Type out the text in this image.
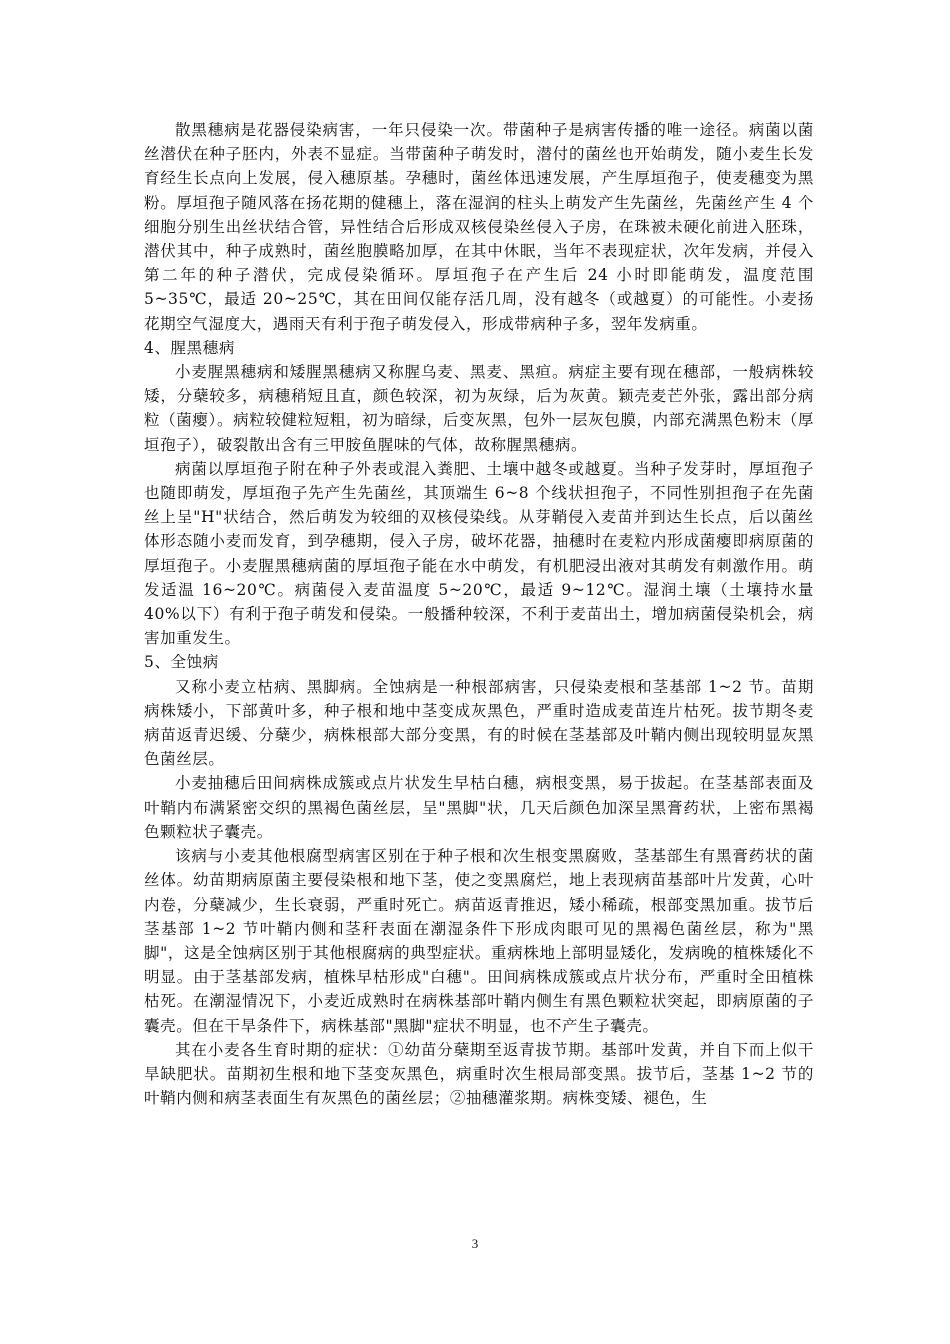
散黑穗病是花器侵染病害，一年只侵染一次。带菌种子是病害传播的唯一途径。病菌以菌丝潜伏在种子胚内，外表不显症。当带菌种子萌发时，潜付的菌丝也开始萌发，随小麦生长发育经生长点向上发展，侵入穗原基。孕穗时，菌丝体迅速发展，产生厚垣孢子，使麦穗变为黑粉。厚垣孢子随风落在扬花期的健穗上，落在湿润的柱头上萌发产生先菌丝，先菌丝产生 4 个细胞分别生出丝状结合管，异性结合后形成双核侵染丝侵入子房，在珠被未硬化前进入胚珠，潜伏其中，种子成熟时，菌丝胞膜略加厚，在其中休眠，当年不表现症状，次年发病，并侵入第二年的种子潜伏，完成侵染循环。厚垣孢子在产生后 24 小时即能萌发，温度范围 5~35℃，最适 20~25℃，其在田间仅能存活几周，没有越冬（或越夏）的可能性。小麦扬花期空气湿度大，遇雨天有利于孢子萌发侵入，形成带病种子多，翌年发病重。

4、腥黑穗病

小麦腥黑穗病和矮腥黑穗病又称腥乌麦、黑麦、黑疸。病症主要有现在穗部，一般病株较矮，分蘖较多，病穗稍短且直，颜色较深，初为灰绿，后为灰黄。颖壳麦芒外张，露出部分病粒（菌瘿）。病粒较健粒短粗，初为暗绿，后变灰黑，包外一层灰包膜，内部充满黑色粉末（厚垣孢子），破裂散出含有三甲胺鱼腥味的气体，故称腥黑穗病。

病菌以厚垣孢子附在种子外表或混入粪肥、土壤中越冬或越夏。当种子发芽时，厚垣孢子也随即萌发，厚垣孢子先产生先菌丝，其顶端生 6~8 个线状担孢子，不同性别担孢子在先菌丝上呈"H"状结合，然后萌发为较细的双核侵染线。从芽鞘侵入麦苗并到达生长点，后以菌丝体形态随小麦而发育，到孕穗期，侵入子房，破坏花器，抽穗时在麦粒内形成菌瘿即病原菌的厚垣孢子。小麦腥黑穗病菌的厚垣孢子能在水中萌发，有机肥浸出液对其萌发有刺激作用。萌发适温 16~20℃。病菌侵入麦苗温度 5~20℃，最适 9~12℃。湿润土壤（土壤持水量 40%以下）有利于孢子萌发和侵染。一般播种较深，不利于麦苗出土，增加病菌侵染机会，病害加重发生。

5、全蚀病

又称小麦立枯病、黑脚病。全蚀病是一种根部病害，只侵染麦根和茎基部 1~2 节。苗期病株矮小，下部黄叶多，种子根和地中茎变成灰黑色，严重时造成麦苗连片枯死。拔节期冬麦病苗返青迟缓、分蘖少，病株根部大部分变黑，有的时候在茎基部及叶鞘内侧出现较明显灰黑色菌丝层。

小麦抽穗后田间病株成簇或点片状发生早枯白穗，病根变黑，易于拔起。在茎基部表面及叶鞘内布满紧密交织的黑褐色菌丝层，呈"黑脚"状，几天后颜色加深呈黑膏药状，上密布黑褐色颗粒状子囊壳。

该病与小麦其他根腐型病害区别在于种子根和次生根变黑腐败，茎基部生有黑膏药状的菌丝体。幼苗期病原菌主要侵染根和地下茎，使之变黑腐烂，地上表现病苗基部叶片发黄，心叶内卷，分蘖减少，生长衰弱，严重时死亡。病苗返青推迟，矮小稀疏，根部变黑加重。拔节后茎基部 1~2 节叶鞘内侧和茎秆表面在潮湿条件下形成肉眼可见的黑褐色菌丝层，称为"黑脚"，这是全蚀病区别于其他根腐病的典型症状。重病株地上部明显矮化，发病晚的植株矮化不明显。由于茎基部发病，植株早枯形成"白穗"。田间病株成簇或点片状分布，严重时全田植株枯死。在潮湿情况下，小麦近成熟时在病株基部叶鞘内侧生有黑色颗粒状突起，即病原菌的子囊壳。但在干旱条件下，病株基部"黑脚"症状不明显，也不产生子囊壳。

其在小麦各生育时期的症状：①幼苗分蘖期至返青拔节期。基部叶发黄，并自下而上似干旱缺肥状。苗期初生根和地下茎变灰黑色，病重时次生根局部变黑。拔节后，茎基 1~2 节的叶鞘内侧和病茎表面生有灰黑色的菌丝层；②抽穗灌浆期。病株变矮、褪色，生

3
